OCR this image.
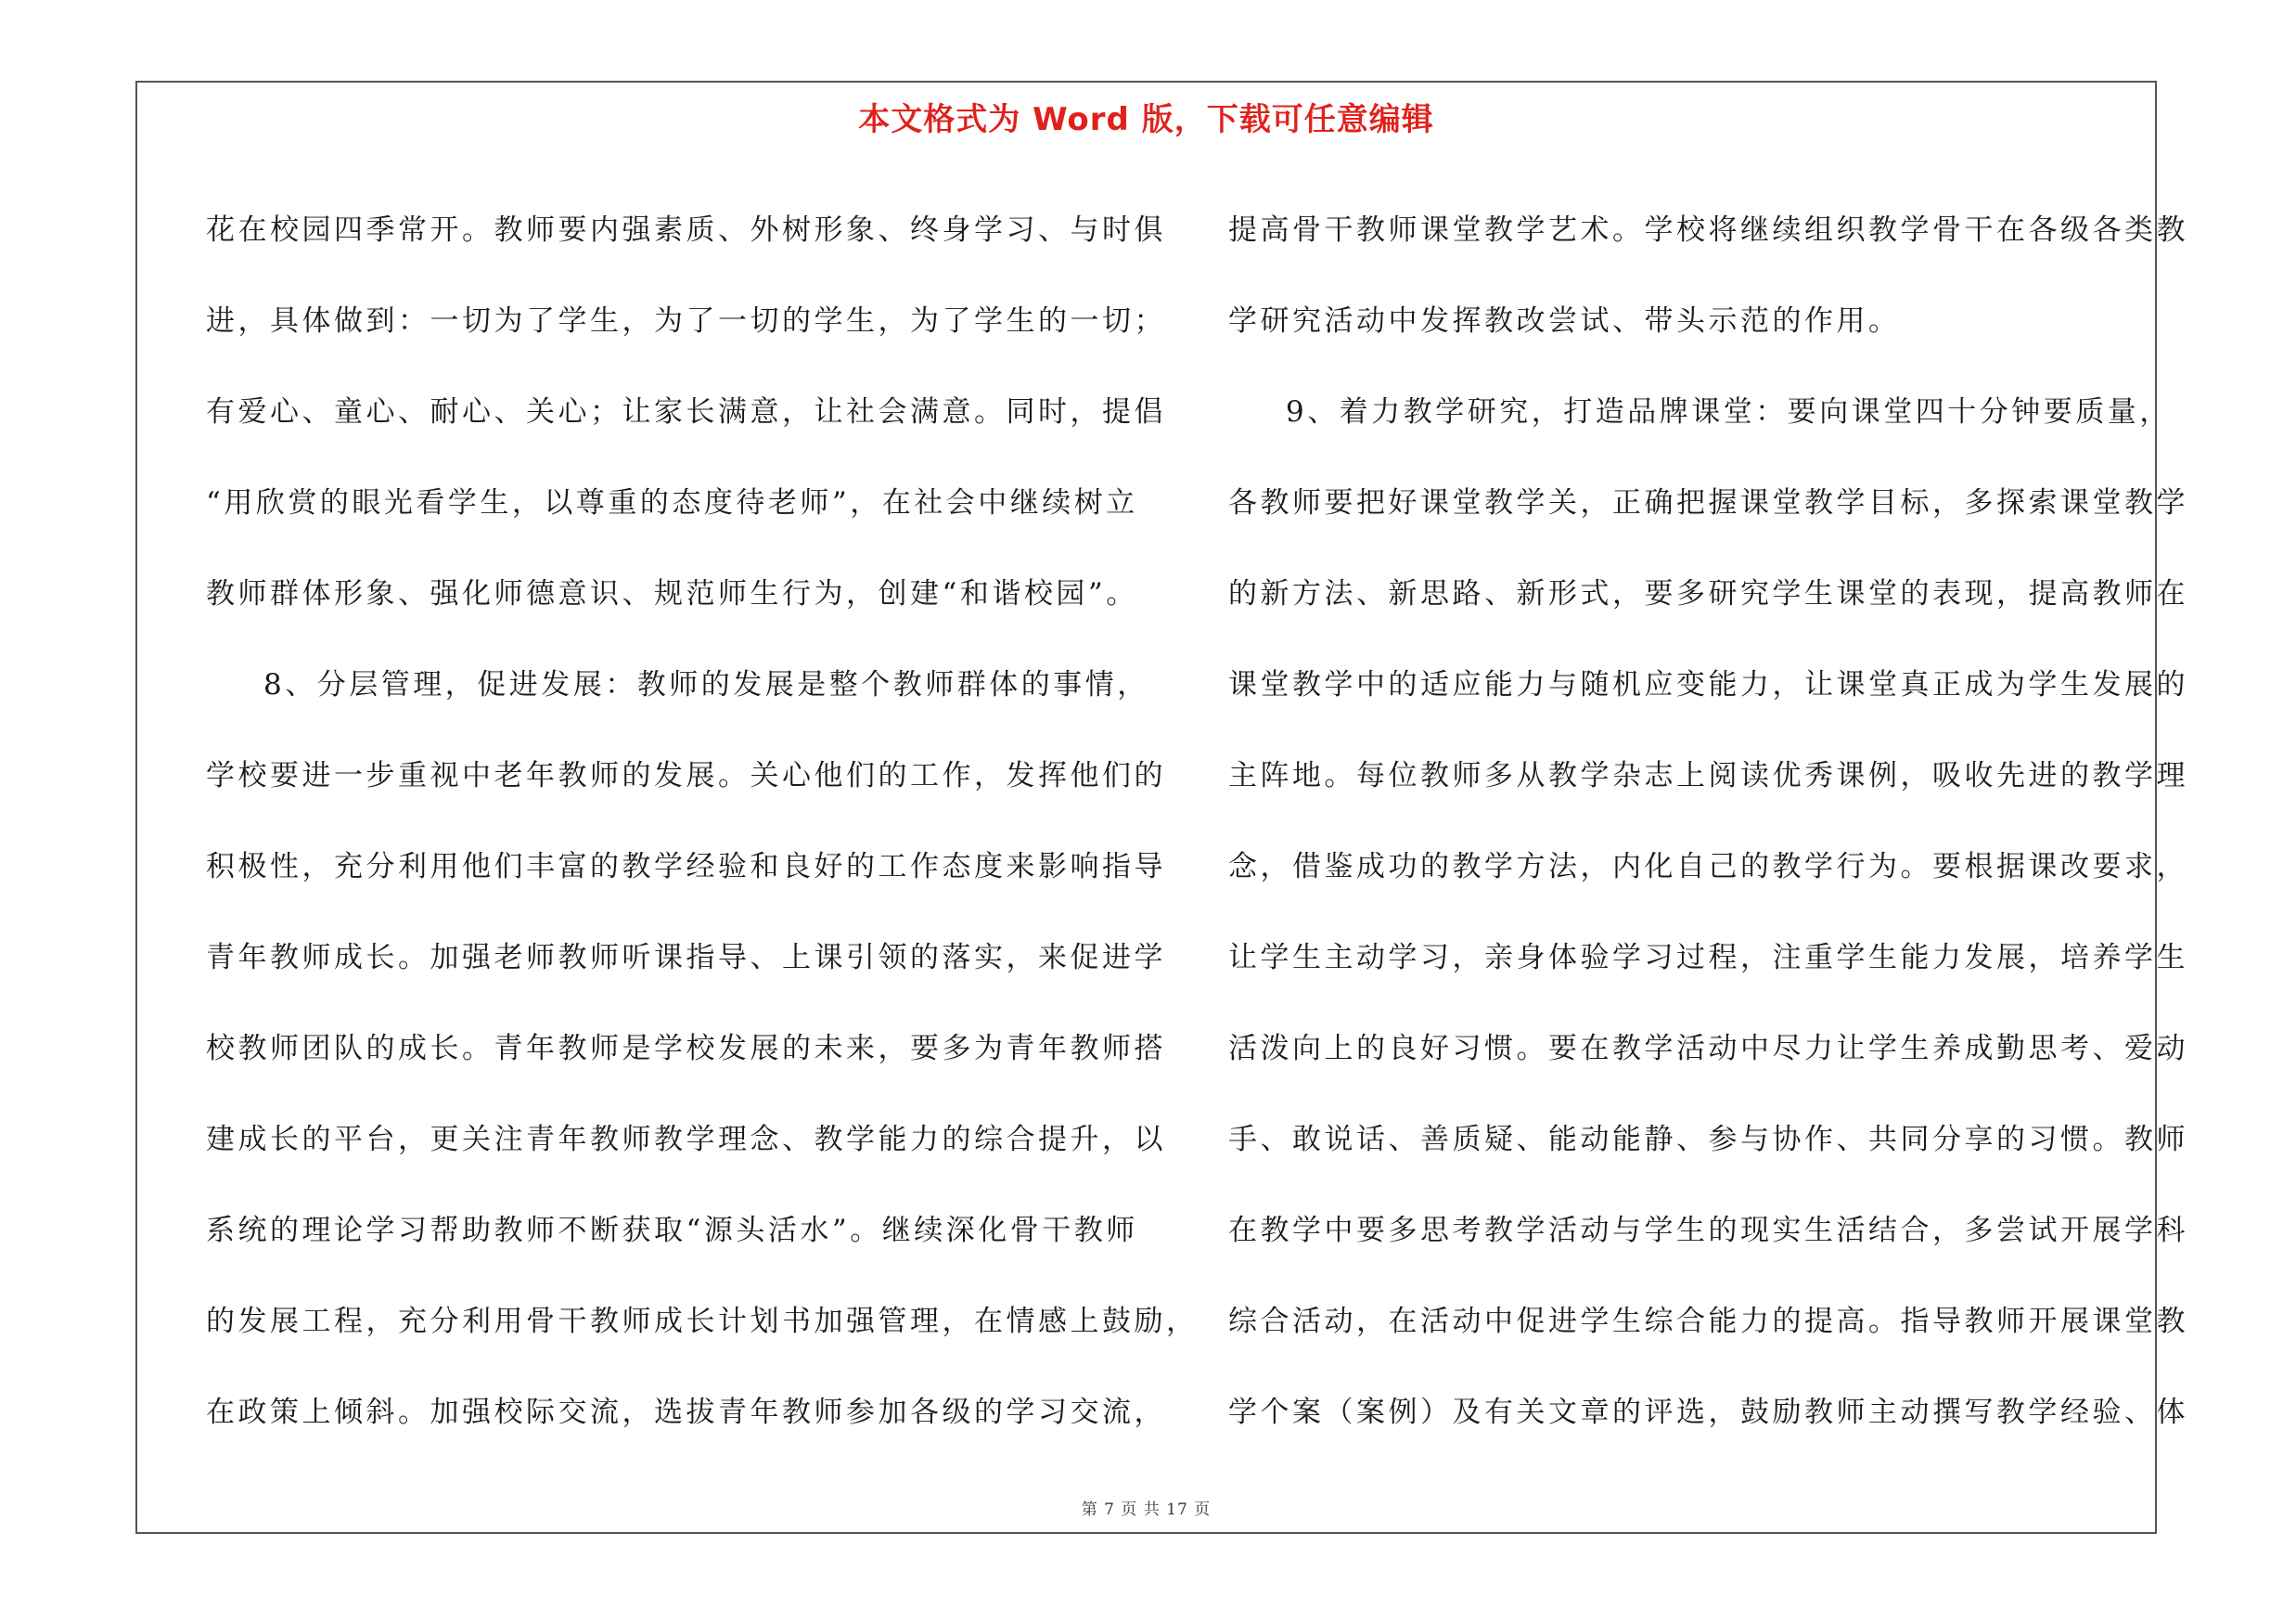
本文格式为 Word 版，下载可任意编辑
花在校园四季常开。教师要内强素质、外树形象、终身学习、与时俱
进，具体做到：一切为了学生，为了一切的学生，为了学生的一切；
有爱心、童心、耐心、关心；让家长满意，让社会满意。同时，提倡
“用欣赏的眼光看学生，以尊重的态度待老师”，在社会中继续树立
教师群体形象、强化师德意识、规范师生行为，创建“和谐校园”。
8、分层管理，促进发展：教师的发展是整个教师群体的事情，
学校要进一步重视中老年教师的发展。关心他们的工作，发挥他们的
积极性，充分利用他们丰富的教学经验和良好的工作态度来影响指导
青年教师成长。加强老师教师听课指导、上课引领的落实，来促进学
校教师团队的成长。青年教师是学校发展的未来，要多为青年教师搭
建成长的平台，更关注青年教师教学理念、教学能力的综合提升，以
系统的理论学习帮助教师不断获取“源头活水”。继续深化骨干教师
的发展工程，充分利用骨干教师成长计划书加强管理，在情感上鼓励，
在政策上倾斜。加强校际交流，选拔青年教师参加各级的学习交流，
提高骨干教师课堂教学艺术。学校将继续组织教学骨干在各级各类教
学研究活动中发挥教改尝试、带头示范的作用。
9、着力教学研究，打造品牌课堂：要向课堂四十分钟要质量，
各教师要把好课堂教学关，正确把握课堂教学目标，多探索课堂教学
的新方法、新思路、新形式，要多研究学生课堂的表现，提高教师在
课堂教学中的适应能力与随机应变能力，让课堂真正成为学生发展的
主阵地。每位教师多从教学杂志上阅读优秀课例，吸收先进的教学理
念，借鉴成功的教学方法，内化自己的教学行为。要根据课改要求，
让学生主动学习，亲身体验学习过程，注重学生能力发展，培养学生
活泼向上的良好习惯。要在教学活动中尽力让学生养成勤思考、爱动
手、敢说话、善质疑、能动能静、参与协作、共同分享的习惯。教师
在教学中要多思考教学活动与学生的现实生活结合，多尝试开展学科
综合活动，在活动中促进学生综合能力的提高。指导教师开展课堂教
学个案（案例）及有关文章的评选，鼓励教师主动撰写教学经验、体
第 7 页 共 17 页
